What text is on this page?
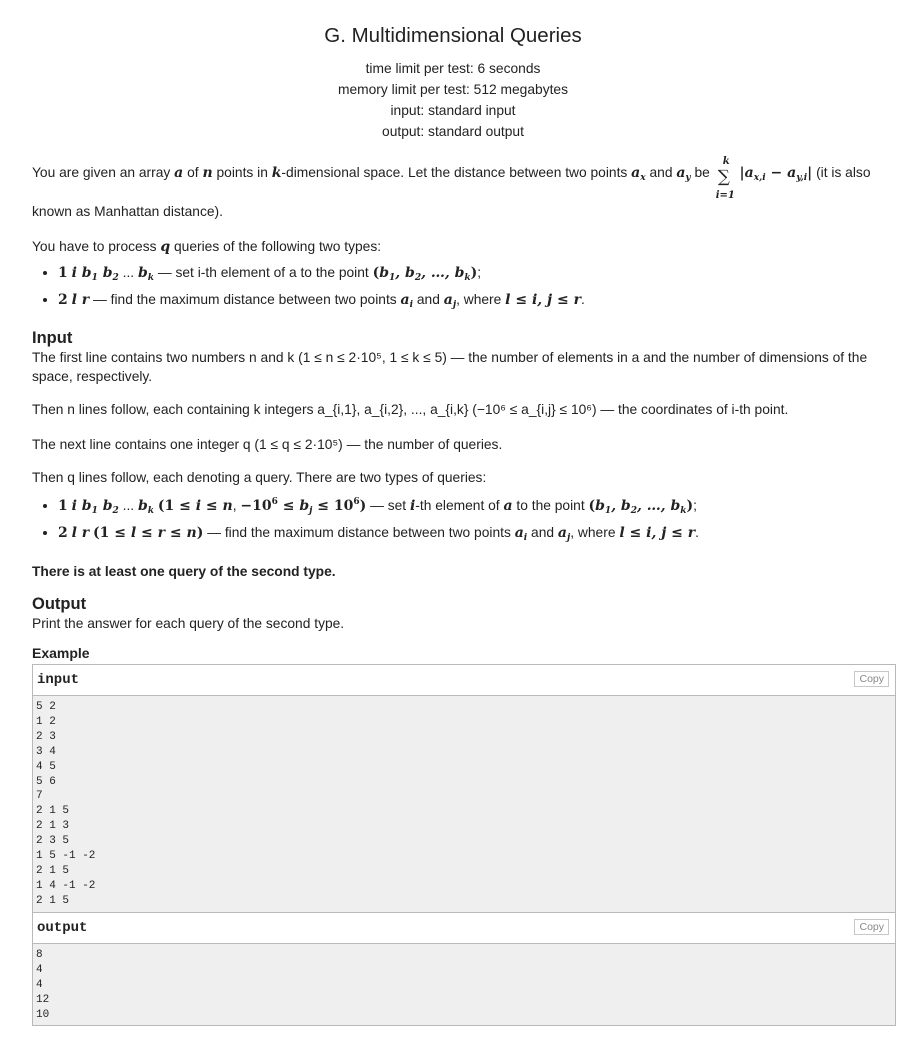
G. Multidimensional Queries
time limit per test: 6 seconds
memory limit per test: 512 megabytes
input: standard input
output: standard output

You are given an array a of n points in k-dimensional space. Let the distance between two points $a_x$ and $a_y$ be
k
∑
i=1
$|a_{x,i} - a_{y,i}|$ (it is also known as Manhattan distance).

You have to process q queries of the following two types:

• 1 i $b_1$ $b_2$ ... $b_k$ — set i-th element of a to the point ($b_1$, $b_2$, …, $b_k$);
• 2 l r — find the maximum distance between two points $a_i$ and $a_j$, where l ≤ i, j ≤ r.

Input

The first line contains two numbers n and k (1 ≤ n ≤ 2·10⁵, 1 ≤ k ≤ 5) — the number of elements in a and the number of dimensions of the space, respectively.

Then n lines follow, each containing k integers a_{i,1}, a_{i,2}, ..., a_{i,k} (−10⁶ ≤ a_{i,j} ≤ 10⁶) — the coordinates of i-th point.

The next line contains one integer q (1 ≤ q ≤ 2·10⁵) — the number of queries.

Then q lines follow, each denoting a query. There are two types of queries:

• 1 i $b_1$ $b_2$ ... $b_k$ (1 ≤ i ≤ n, $-10^6 \le b_j \le 10^6$) — set i-th element of a to the point ($b_1$, $b_2$, …, $b_k$);
• 2 l r (1 ≤ l ≤ r ≤ n) — find the maximum distance between two points $a_i$ and $a_j$, where l ≤ i, j ≤ r.

There is at least one query of the second type.

Output

Print the answer for each query of the second type.

Example
input	Copy
5 2
1 2
2 3
3 4
4 5
5 6
7
2 1 5
2 1 3
2 3 5
1 5 -1 -2
2 1 5
1 4 -1 -2
2 1 5
output	Copy
8
4
4
12
10
